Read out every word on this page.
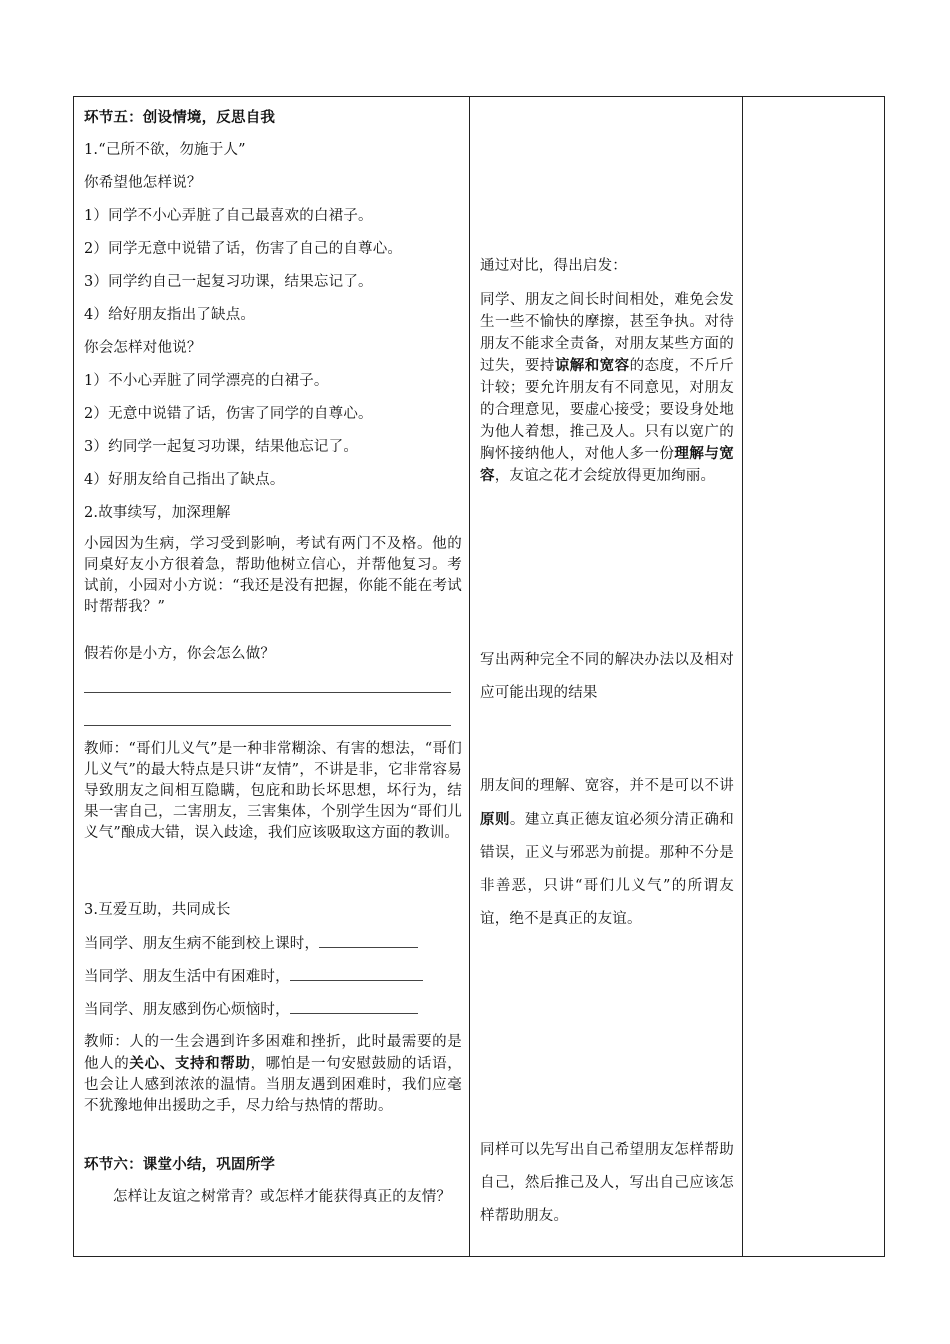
环节五：创设情境，反思自我
1.“己所不欲，勿施于人”
你希望他怎样说？
1）同学不小心弄脏了自己最喜欢的白裙子。
2）同学无意中说错了话，伤害了自己的自尊心。
3）同学约自己一起复习功课，结果忘记了。
4）给好朋友指出了缺点。
你会怎样对他说？
1）不小心弄脏了同学漂亮的白裙子。
2）无意中说错了话，伤害了同学的自尊心。
3）约同学一起复习功课，结果他忘记了。
4）好朋友给自己指出了缺点。
2.故事续写，加深理解
小园因为生病，学习受到影响，考试有两门不及格。他的同桌好友小方很着急，帮助他树立信心，并帮他复习。考试前，小园对小方说：“我还是没有把握，你能不能在考试时帮帮我？”
假若你是小方，你会怎么做？
教师：“哥们儿义气”是一种非常糊涂、有害的想法，“哥们儿义气”的最大特点是只讲“友情”，不讲是非，它非常容易导致朋友之间相互隐瞒，包庇和助长坏思想，坏行为，结果一害自己，二害朋友，三害集体，个别学生因为“哥们儿义气”酿成大错，误入歧途，我们应该吸取这方面的教训。
3.互爱互助，共同成长
当同学、朋友生病不能到校上课时，
当同学、朋友生活中有困难时，
当同学、朋友感到伤心烦恼时，
教师：人的一生会遇到许多困难和挫折，此时最需要的是他人的关心、支持和帮助，哪怕是一句安慰鼓励的话语，也会让人感到浓浓的温情。当朋友遇到困难时，我们应毫不犹豫地伸出援助之手，尽力给与热情的帮助。
环节六：课堂小结，巩固所学
怎样让友谊之树常青？或怎样才能获得真正的友情？
通过对比，得出启发：
同学、朋友之间长时间相处，难免会发生一些不愉快的摩擦，甚至争执。对待朋友不能求全责备，对朋友某些方面的过失，要持谅解和宽容的态度，不斤斤计较；要允许朋友有不同意见，对朋友的合理意见，要虚心接受；要设身处地为他人着想，推己及人。只有以宽广的胸怀接纳他人，对他人多一份理解与宽容，友谊之花才会绽放得更加绚丽。
写出两种完全不同的解决办法以及相对应可能出现的结果
朋友间的理解、宽容，并不是可以不讲原则。建立真正德友谊必须分清正确和错误，正义与邪恶为前提。那种不分是非善恶，只讲“哥们儿义气”的所谓友谊，绝不是真正的友谊。
同样可以先写出自己希望朋友怎样帮助自己，然后推己及人，写出自己应该怎样帮助朋友。
